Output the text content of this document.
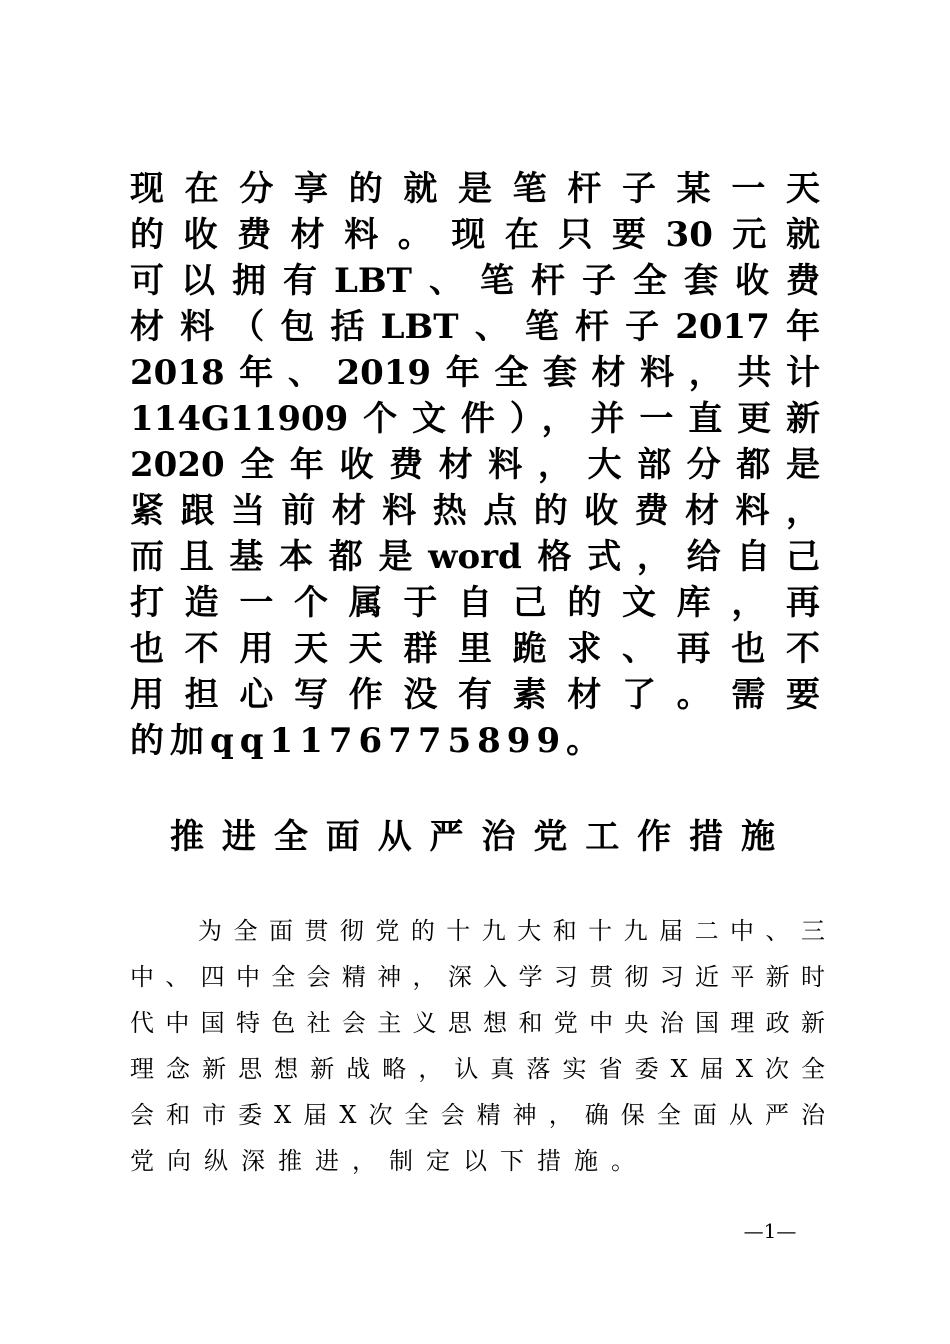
现在分享的就是笔杆子某一天
的收费材料。现在只要30元就
可以拥有LBT、笔杆子全套收费
材料（包括LBT、笔杆子2017年
2018年、2019年全套材料，共计
114G11909个文件），并一直更新
2020全年收费材料，大部分都是
紧跟当前材料热点的收费材料，
而且基本都是word格式，给自己
打造一个属于自己的文库，再
也不用天天群里跪求、再也不
用担心写作没有素材了。需要
的加qq1176775899。
推进全面从严治党工作措施
为全面贯彻党的十九大和十九届二中、三
中、四中全会精神，深入学习贯彻习近平新时
代中国特色社会主义思想和党中央治国理政新
理念新思想新战略，认真落实省委X届X次全
会和市委X届X次全会精神，确保全面从严治
党向纵深推进，制定以下措施。
—1—
